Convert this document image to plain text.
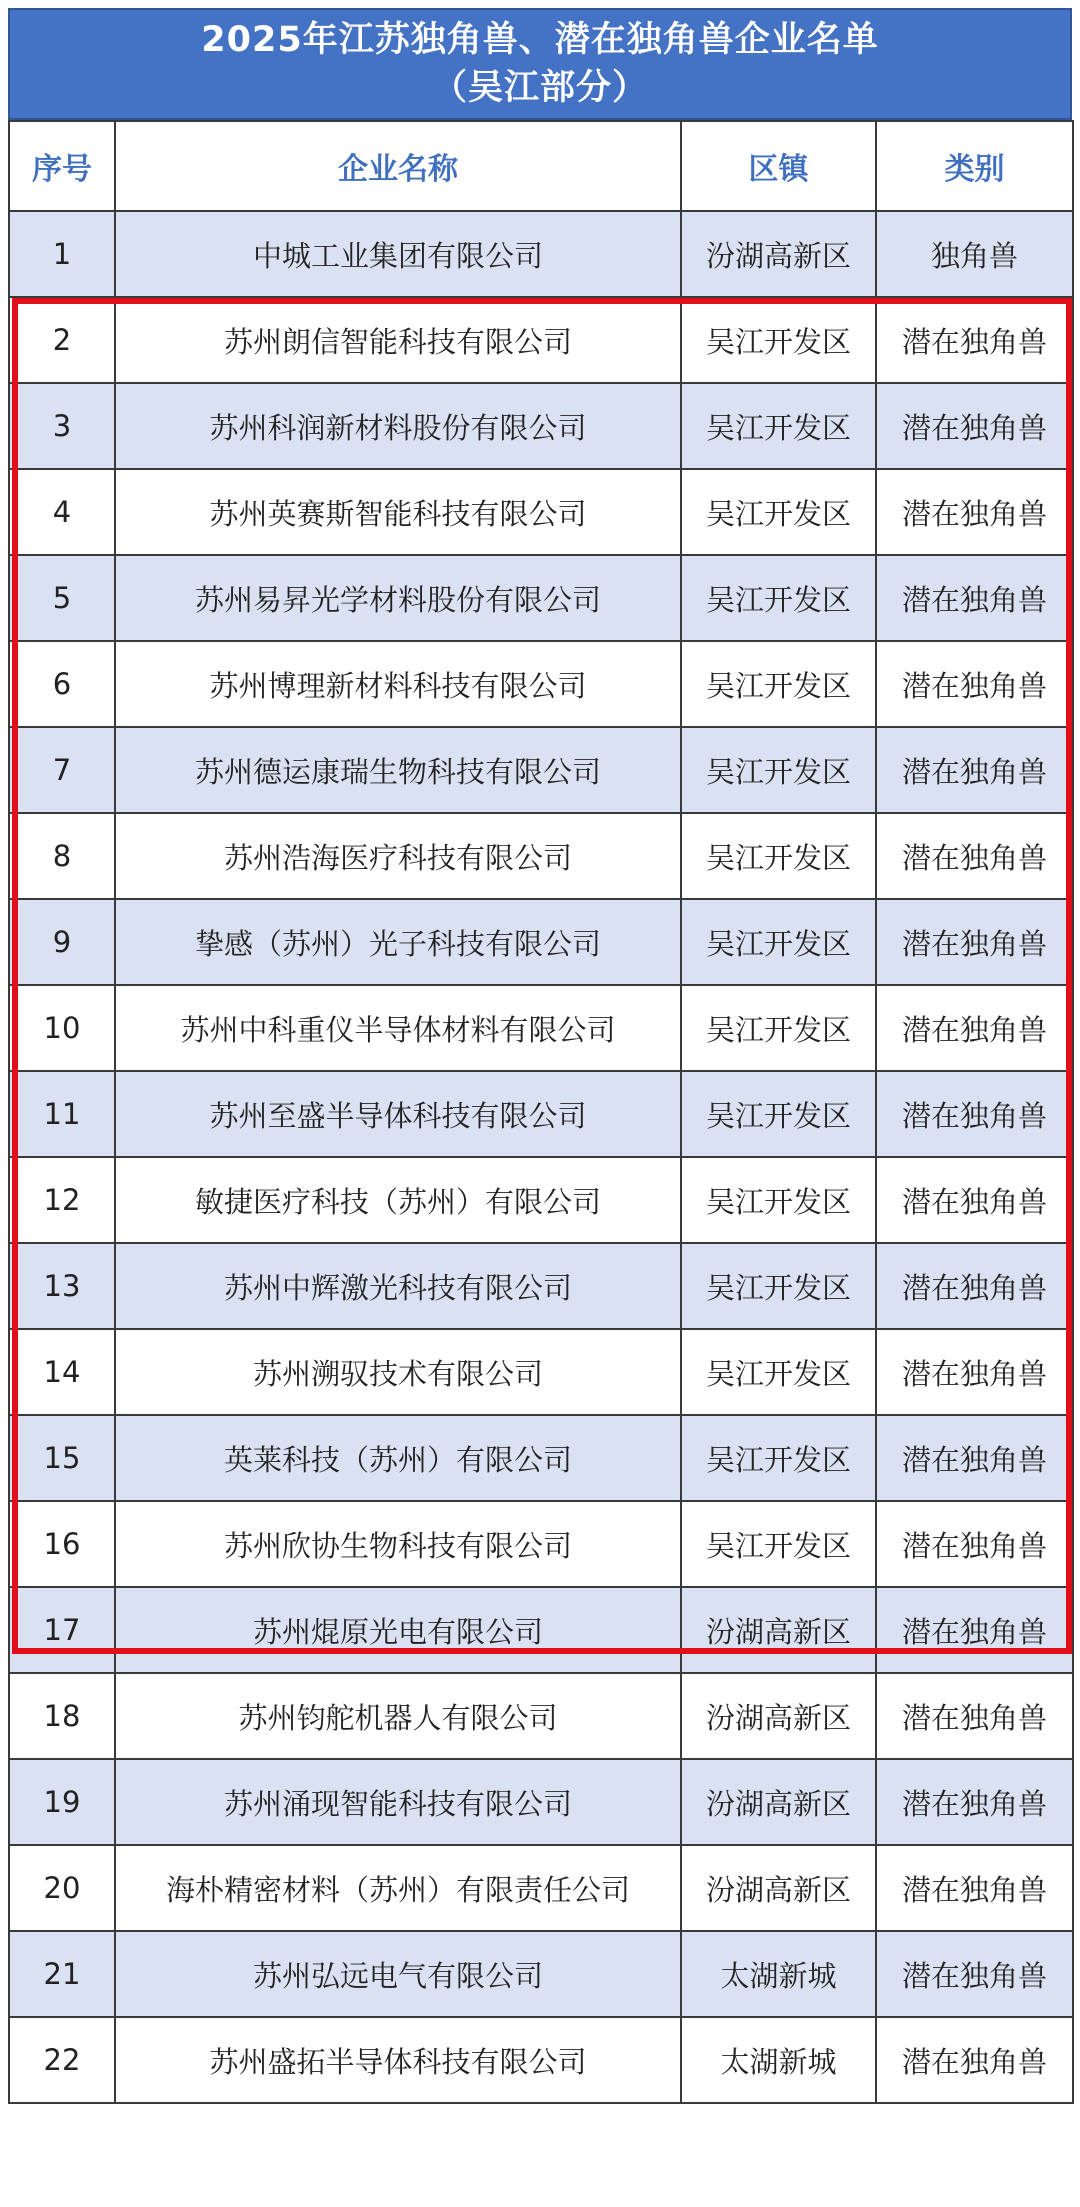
2025年江苏独角兽、潜在独角兽企业名单
（吴江部分）
序号	企业名称	区镇	类别
1	中城工业集团有限公司	汾湖高新区	独角兽
2	苏州朗信智能科技有限公司	吴江开发区	潜在独角兽
3	苏州科润新材料股份有限公司	吴江开发区	潜在独角兽
4	苏州英赛斯智能科技有限公司	吴江开发区	潜在独角兽
5	苏州易昇光学材料股份有限公司	吴江开发区	潜在独角兽
6	苏州博理新材料科技有限公司	吴江开发区	潜在独角兽
7	苏州德运康瑞生物科技有限公司	吴江开发区	潜在独角兽
8	苏州浩海医疗科技有限公司	吴江开发区	潜在独角兽
9	挚感（苏州）光子科技有限公司	吴江开发区	潜在独角兽
10	苏州中科重仪半导体材料有限公司	吴江开发区	潜在独角兽
11	苏州至盛半导体科技有限公司	吴江开发区	潜在独角兽
12	敏捷医疗科技（苏州）有限公司	吴江开发区	潜在独角兽
13	苏州中辉激光科技有限公司	吴江开发区	潜在独角兽
14	苏州溯驭技术有限公司	吴江开发区	潜在独角兽
15	英莱科技（苏州）有限公司	吴江开发区	潜在独角兽
16	苏州欣协生物科技有限公司	吴江开发区	潜在独角兽
17	苏州焜原光电有限公司	汾湖高新区	潜在独角兽
18	苏州钧舵机器人有限公司	汾湖高新区	潜在独角兽
19	苏州涌现智能科技有限公司	汾湖高新区	潜在独角兽
20	海朴精密材料（苏州）有限责任公司	汾湖高新区	潜在独角兽
21	苏州弘远电气有限公司	太湖新城	潜在独角兽
22	苏州盛拓半导体科技有限公司	太湖新城	潜在独角兽
